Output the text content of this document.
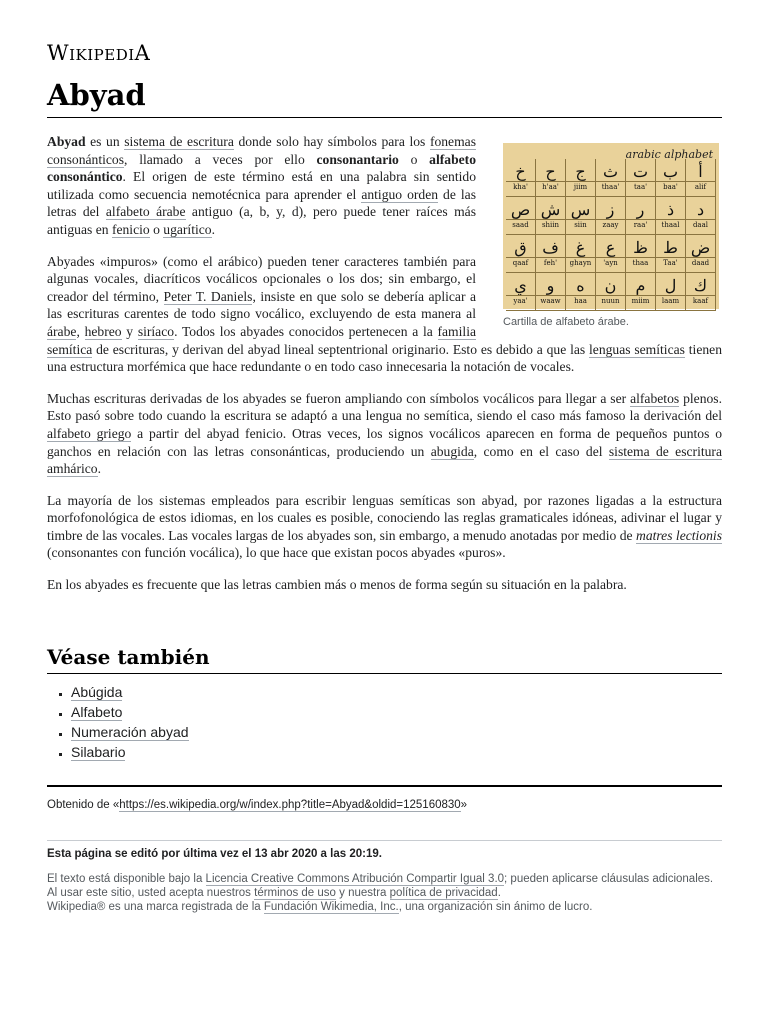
WIKIPEDIA
Abyad
arabic alphabet
خ
kha'
ح
h'aa'
ج
jiim
ث
thaa'
ت
taa'
ب
baa'
أ
alif
ص
saad
ش
shiin
س
siin
ز
zaay
ر
raa'
ذ
thaal
د
daal
ق
qaaf
ف
feh'
غ
ghayn
ع
'ayn
ظ
thaa
ط
Taa'
ض
daad
ي
yaa'
و
waaw
ه
haa
ن
nuun
م
miim
ل
laam
ك
kaaf
Cartilla de alfabeto árabe.

Abyad es un sistema de escritura donde solo hay símbolos para los fonemas consonánticos, llamado a veces por ello consonantario o alfabeto consonántico. El origen de este término está en una palabra sin sentido utilizada como secuencia nemotécnica para aprender el antiguo orden de las letras del alfabeto árabe antiguo (a, b, y, d), pero puede tener raíces más antiguas en fenicio o ugarítico.

Abyades «impuros» (como el arábico) pueden tener caracteres también para algunas vocales, diacríticos vocálicos opcionales o los dos; sin embargo, el creador del término, Peter T. Daniels, insiste en que solo se debería aplicar a las escrituras carentes de todo signo vocálico, excluyendo de esta manera al árabe, hebreo y siríaco. Todos los abyades conocidos pertenecen a la familia semítica de escrituras, y derivan del abyad lineal septentrional originario. Esto es debido a que las lenguas semíticas tienen una estructura morfémica que hace redundante o en todo caso innecesaria la notación de vocales.

Muchas escrituras derivadas de los abyades se fueron ampliando con símbolos vocálicos para llegar a ser alfabetos plenos. Esto pasó sobre todo cuando la escritura se adaptó a una lengua no semítica, siendo el caso más famoso la derivación del alfabeto griego a partir del abyad fenicio. Otras veces, los signos vocálicos aparecen en forma de pequeños puntos o ganchos en relación con las letras consonánticas, produciendo un abugida, como en el caso del sistema de escritura amhárico.

La mayoría de los sistemas empleados para escribir lenguas semíticas son abyad, por razones ligadas a la estructura morfofonológica de estos idiomas, en los cuales es posible, conociendo las reglas gramaticales idóneas, adivinar el lugar y timbre de las vocales. Las vocales largas de los abyades son, sin embargo, a menudo anotadas por medio de matres lectionis (consonantes con función vocálica), lo que hace que existan pocos abyades «puros».

En los abyades es frecuente que las letras cambien más o menos de forma según su situación en la palabra.

Véase también
▪ Abúgida
▪ Alfabeto
▪ Numeración abyad
▪ Silabario
Obtenido de «https://es.wikipedia.org/w/index.php?title=Abyad&oldid=125160830»
Esta página se editó por última vez el 13 abr 2020 a las 20:19.
El texto está disponible bajo la Licencia Creative Commons Atribución Compartir Igual 3.0; pueden aplicarse cláusulas adicionales. Al usar este sitio, usted acepta nuestros términos de uso y nuestra política de privacidad.
Wikipedia® es una marca registrada de la Fundación Wikimedia, Inc., una organización sin ánimo de lucro.
